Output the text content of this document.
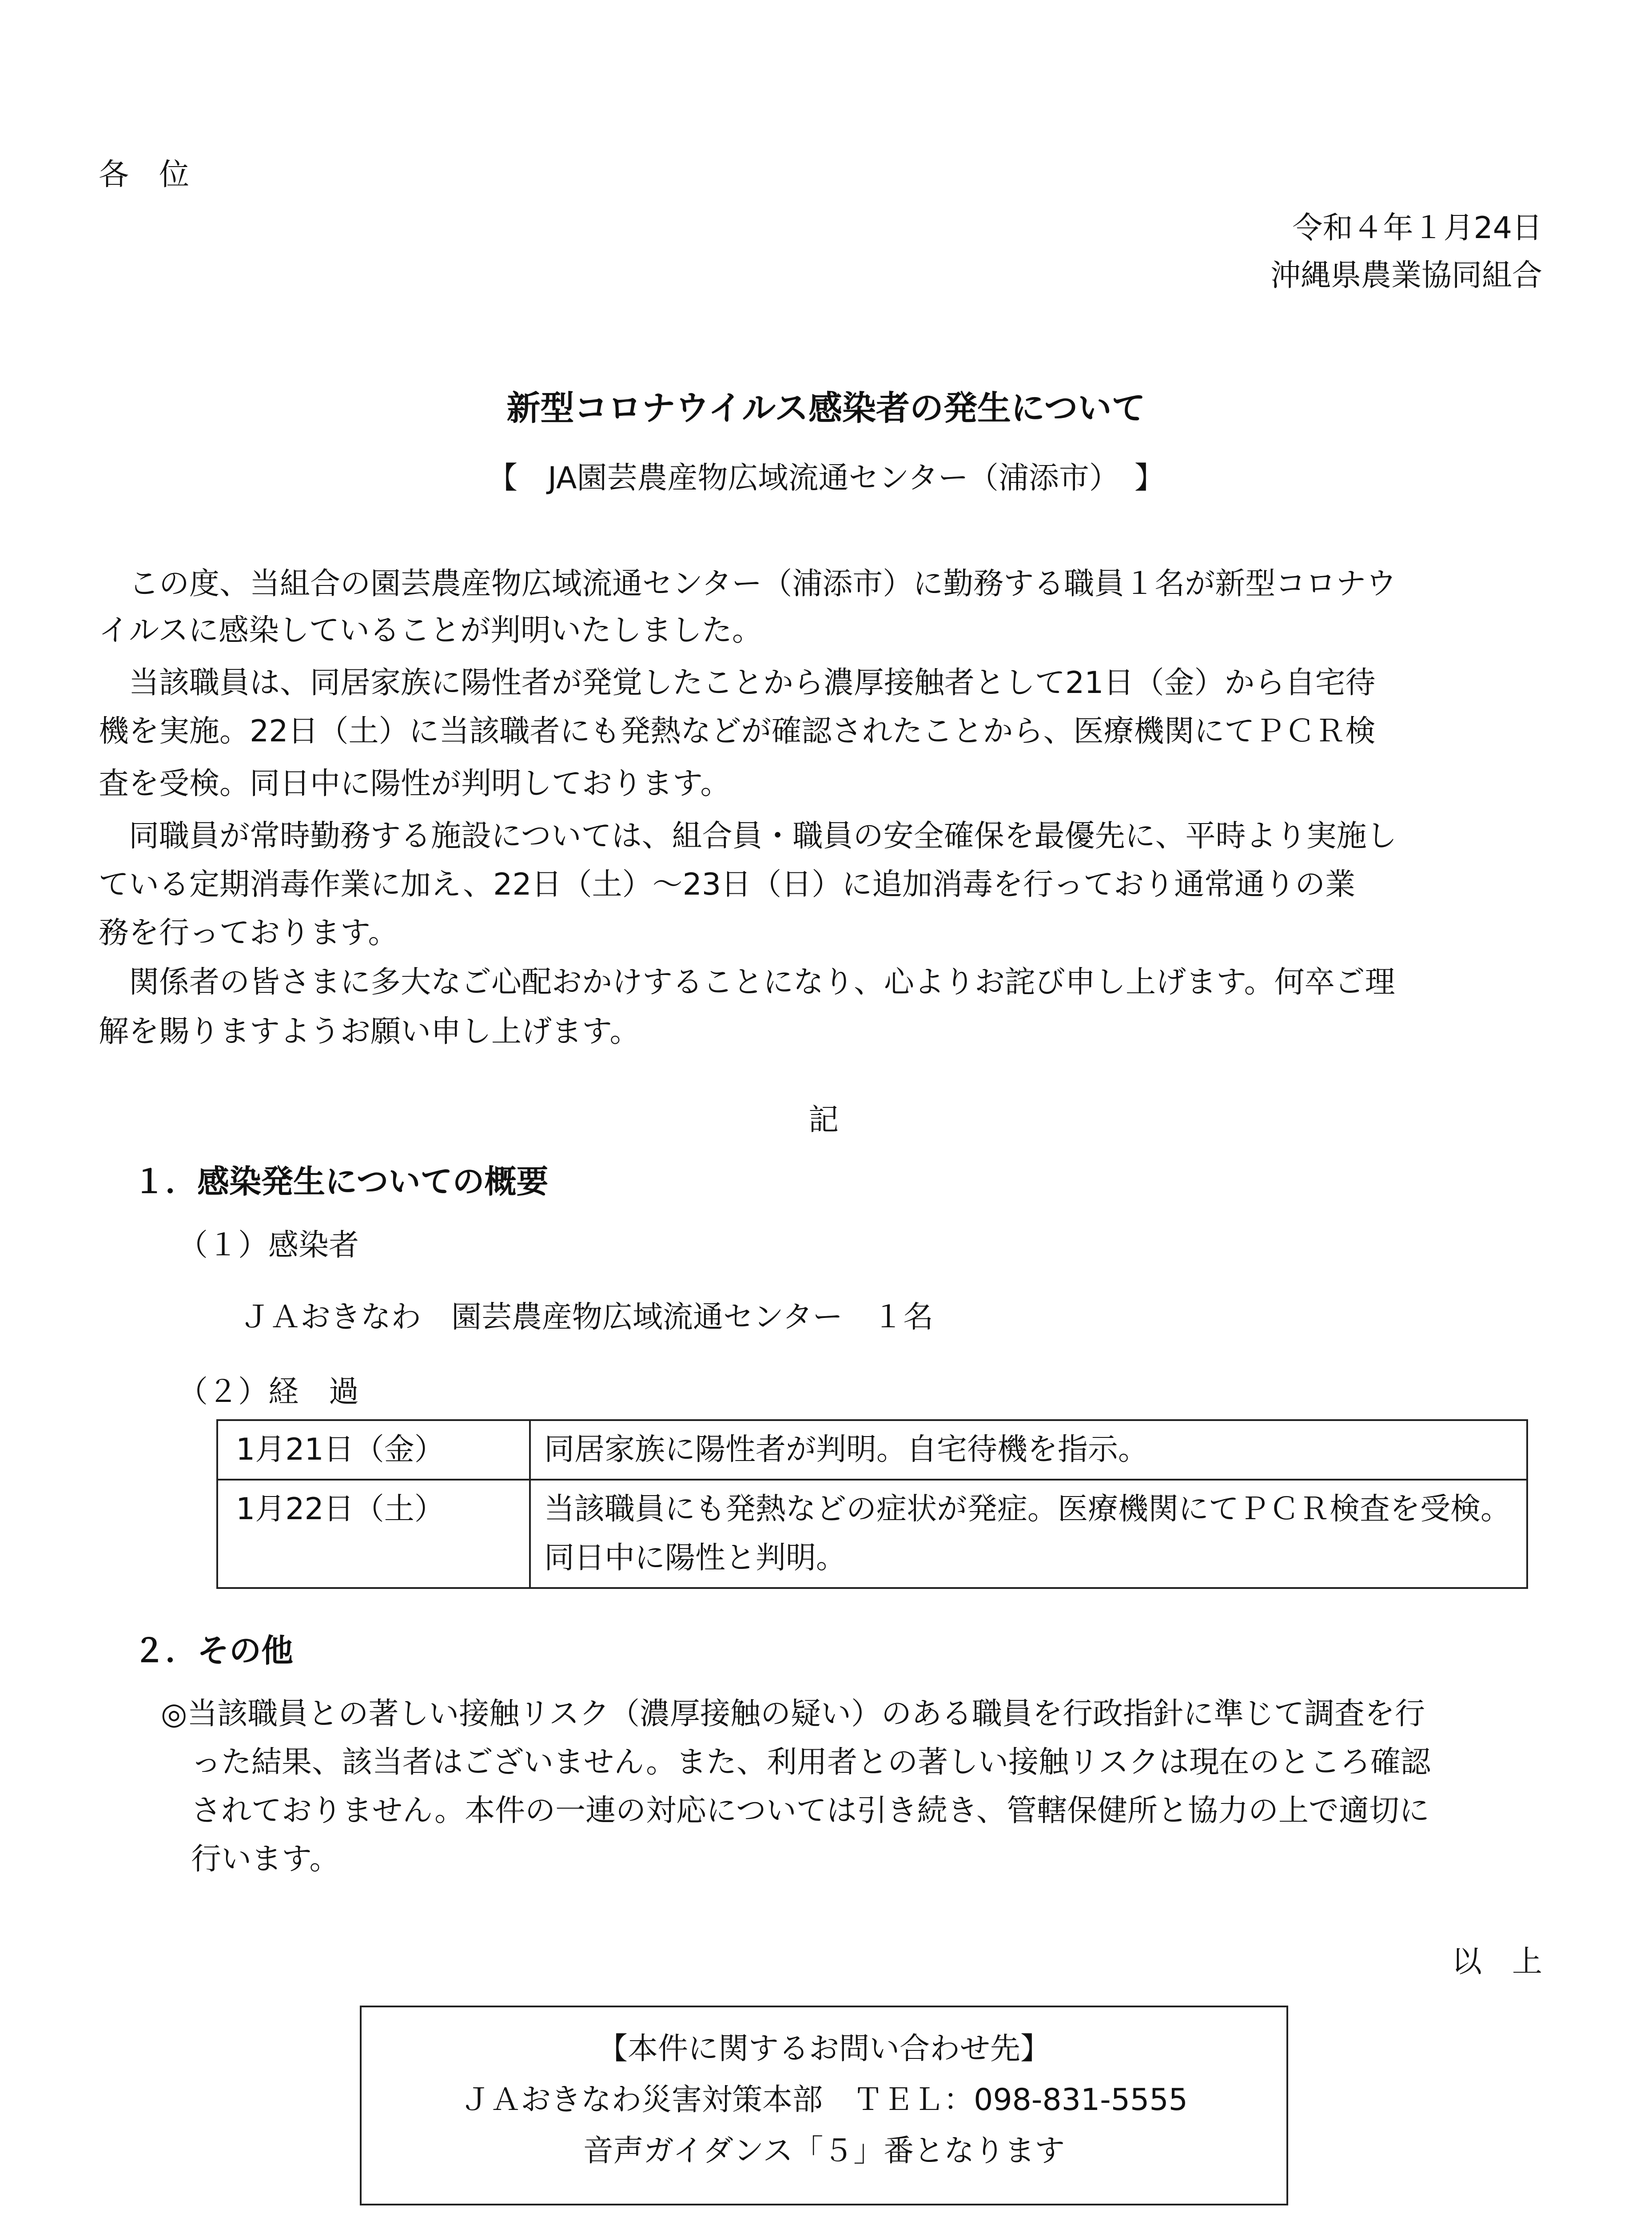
各　位
令和４年１月24日
沖縄県農業協同組合
新型コロナウイルス感染者の発生について
【　JA園芸農産物広域流通センター（浦添市）　】
　この度、当組合の園芸農産物広域流通センター（浦添市）に勤務する職員１名が新型コロナウ
イルスに感染していることが判明いたしました。
　当該職員は、同居家族に陽性者が発覚したことから濃厚接触者として21日（金）から自宅待
機を実施。22日（土）に当該職者にも発熱などが確認されたことから、医療機関にてＰＣＲ検
査を受検。同日中に陽性が判明しております。
　同職員が常時勤務する施設については、組合員・職員の安全確保を最優先に、平時より実施し
ている定期消毒作業に加え、22日（土）～23日（日）に追加消毒を行っており通常通りの業
務を行っております。
　関係者の皆さまに多大なご心配おかけすることになり、心よりお詫び申し上げます。何卒ご理
解を賜りますようお願い申し上げます。
記
１．感染発生についての概要
（１）感染者
ＪＡおきなわ　園芸農産物広域流通センター　１名
（２）経　過
1月21日（金）	同居家族に陽性者が判明。自宅待機を指示。
1月22日（土）	当該職員にも発熱などの症状が発症。医療機関にてＰＣＲ検査を受検。同日中に陽性と判明。
２．その他
◎当該職員との著しい接触リスク（濃厚接触の疑い）のある職員を行政指針に準じて調査を行
った結果、該当者はございません。また、利用者との著しい接触リスクは現在のところ確認
されておりません。本件の一連の対応については引き続き、管轄保健所と協力の上で適切に
行います。
以　上
【本件に関するお問い合わせ先】
ＪＡおきなわ災害対策本部　ＴＥＬ：098-831-5555
音声ガイダンス「５」番となります
